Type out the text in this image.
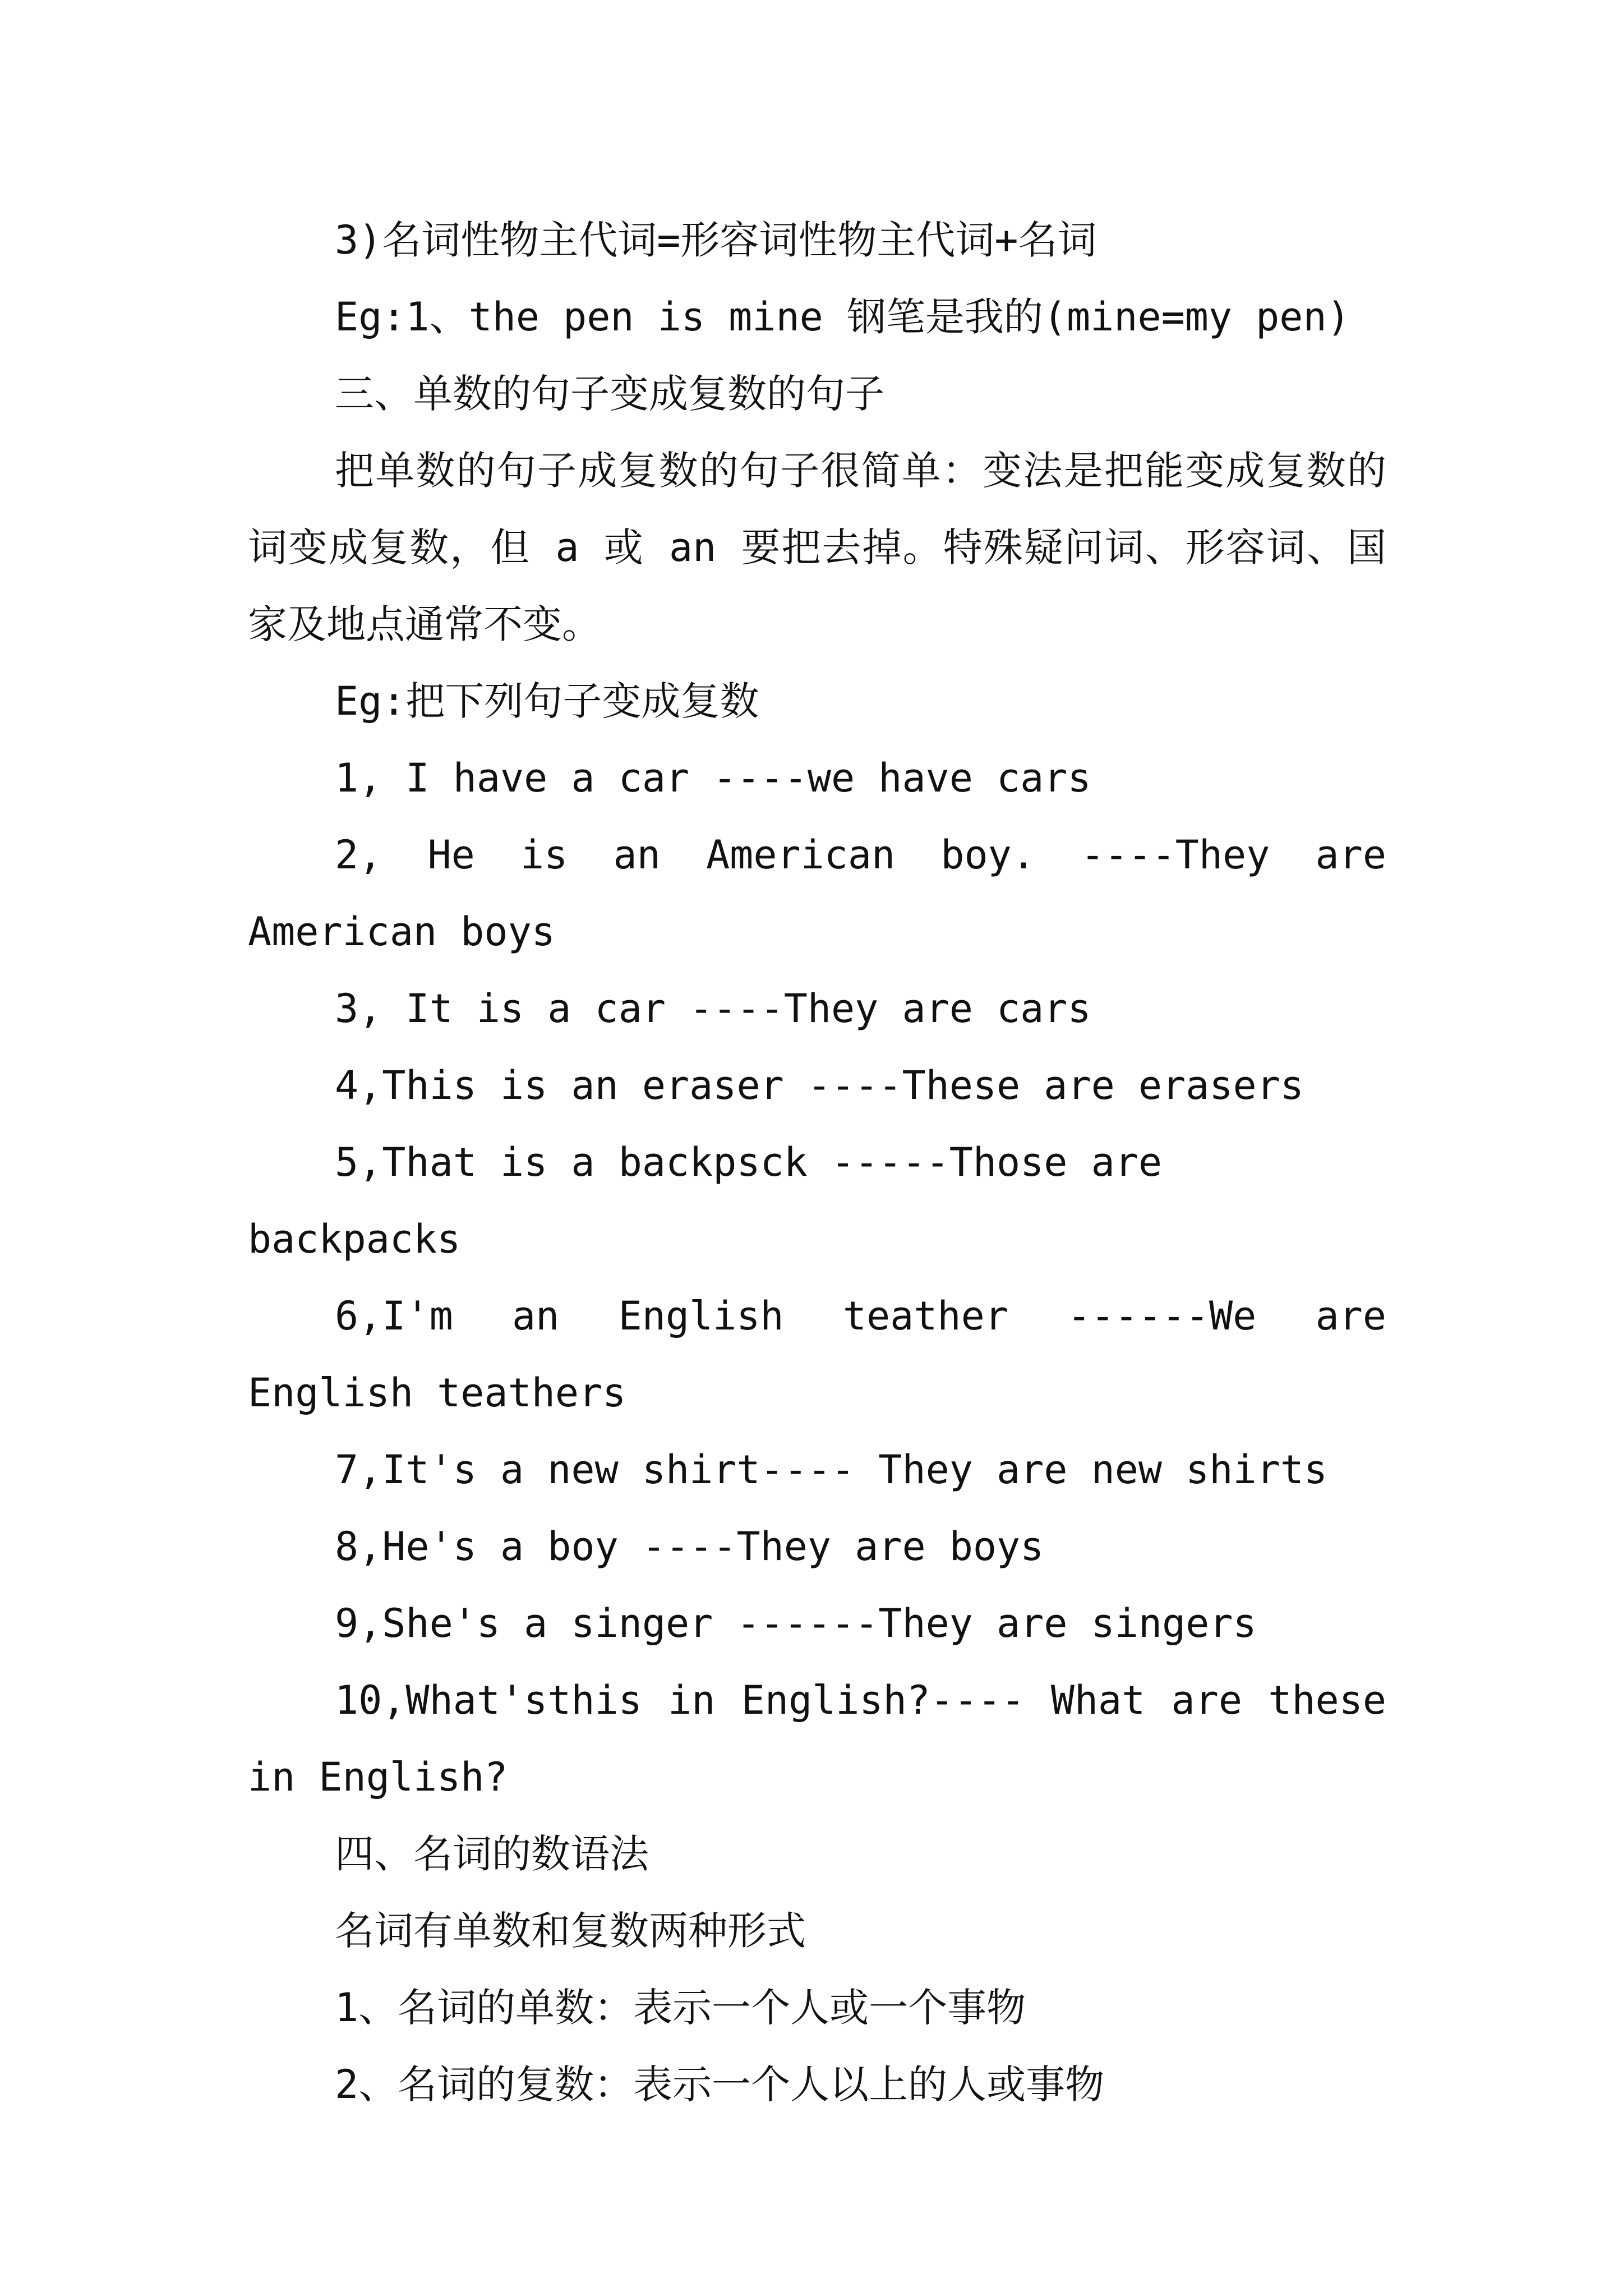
3)名词性物主代词=形容词性物主代词+名词

Eg:1、the pen is mine 钢笔是我的(mine=my pen)

三、单数的句子变成复数的句子

把单数的句子成复数的句子很简单：变法是把能变成复数的词变成复数，但 a 或 an 要把去掉。特殊疑问词、形容词、国家及地点通常不变。

Eg:把下列句子变成复数

1, I have a car ----we have cars

2, He is an American boy. ----They are American boys

3, It is a car ----They are cars

4,This is an eraser ----These are erasers

5,That is a backpsck -----Those are backpacks

6,I'm an English teather ------We are English teathers

7,It's a new shirt---- They are new shirts

8,He's a boy ----They are boys

9,She's a singer ------They are singers

10,What'sthis in English?---- What are these in English?

四、名词的数语法

名词有单数和复数两种形式

1、名词的单数：表示一个人或一个事物

2、名词的复数：表示一个人以上的人或事物
